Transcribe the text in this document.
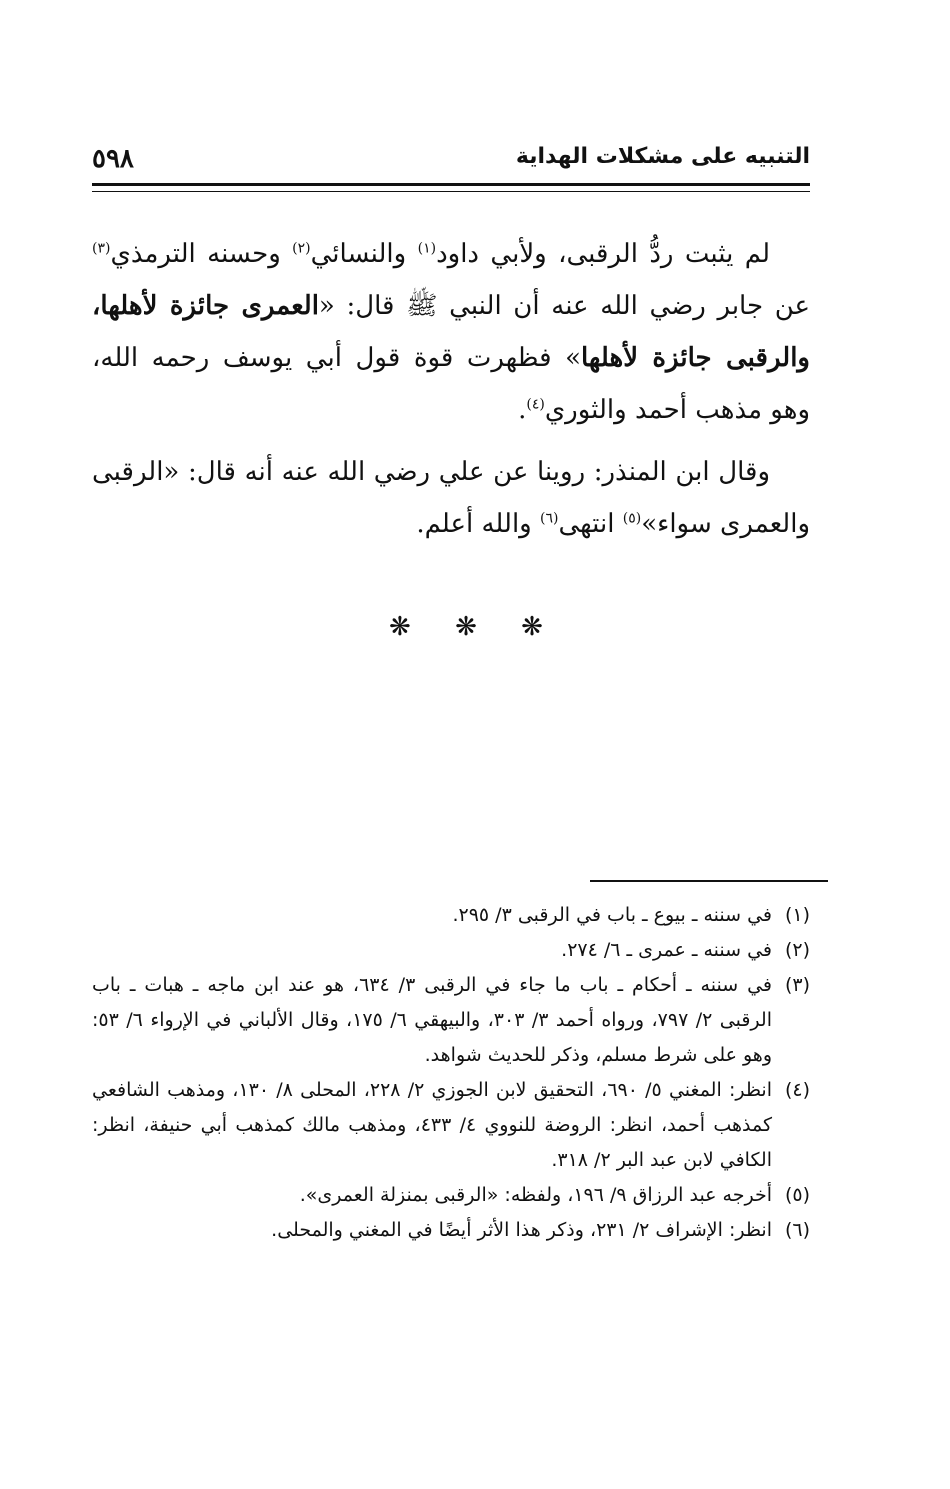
التنبيه على مشكلات الهداية
٥٩٨

لم يثبت ردُّ الرقبى، ولأبي داود$^{(١)}$ والنسائي$^{(٢)}$ وحسنه الترمذي$^{(٣)}$ عن جابر رضي الله عنه أن النبي ﷺ قال: «العمرى جائزة لأهلها، والرقبى جائزة لأهلها» فظهرت قوة قول أبي يوسف رحمه الله، وهو مذهب أحمد والثوري$^{(٤)}$.

وقال ابن المنذر: روينا عن علي رضي الله عنه أنه قال: «الرقبى والعمرى سواء»$^{(٥)}$ انتهى$^{(٦)}$ والله أعلم.

❋ ❋ ❋
(١)
في سننه ـ بيوع ـ باب في الرقبى ٣/ ٢٩٥.
(٢)
في سننه ـ عمرى ـ ٦/ ٢٧٤.
(٣)
في سننه ـ أحكام ـ باب ما جاء في الرقبى ٣/ ٦٣٤، هو عند ابن ماجه ـ هبات ـ باب الرقبى ٢/ ٧٩٧، ورواه أحمد ٣/ ٣٠٣، والبيهقي ٦/ ١٧٥، وقال الألباني في الإرواء ٦/ ٥٣: وهو على شرط مسلم، وذكر للحديث شواهد.
(٤)
انظر: المغني ٥/ ٦٩٠، التحقيق لابن الجوزي ٢/ ٢٢٨، المحلى ٨/ ١٣٠، ومذهب الشافعي كمذهب أحمد، انظر: الروضة للنووي ٤/ ٤٣٣، ومذهب مالك كمذهب أبي حنيفة، انظر: الكافي لابن عبد البر ٢/ ٣١٨.
(٥)
أخرجه عبد الرزاق ٩/ ١٩٦، ولفظه: «الرقبى بمنزلة العمرى».
(٦)
انظر: الإشراف ٢/ ٢٣١، وذكر هذا الأثر أيضًا في المغني والمحلى.
